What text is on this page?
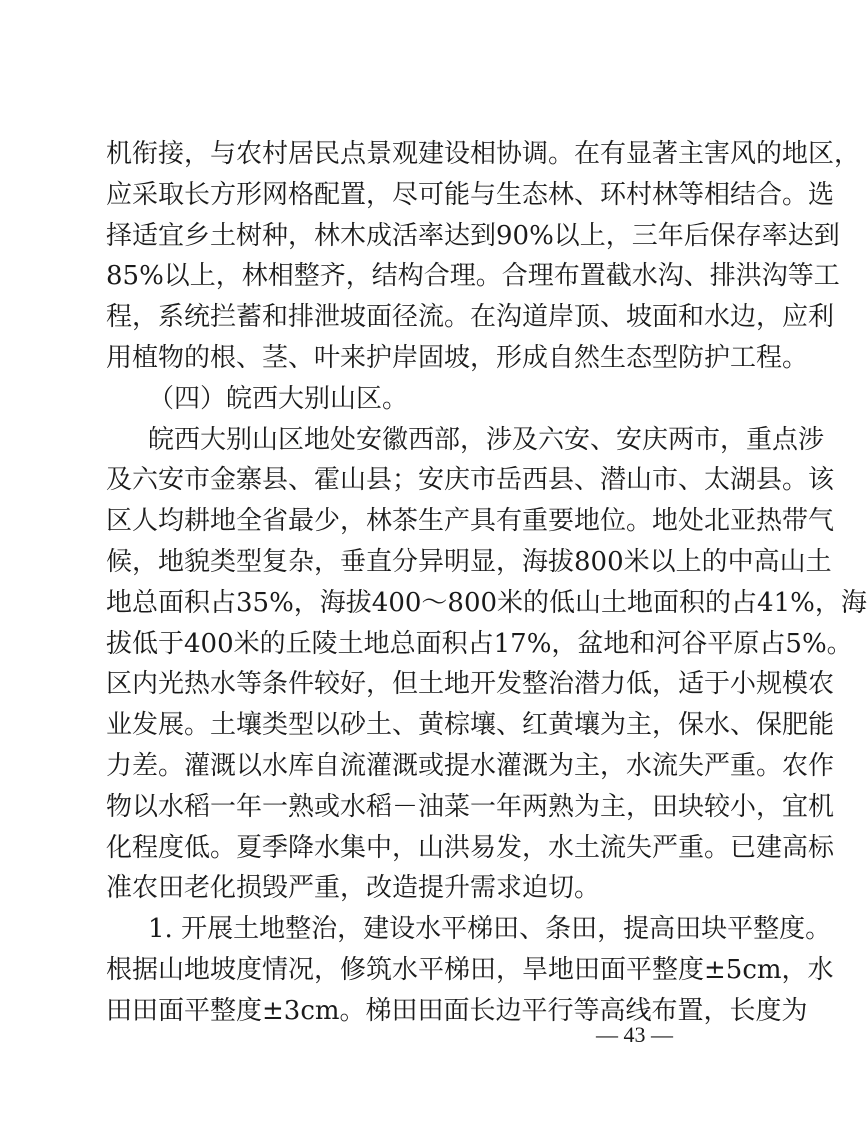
机衔接，与农村居民点景观建设相协调。在有显著主害风的地区，
应采取长方形网格配置，尽可能与生态林、环村林等相结合。选
择适宜乡土树种，林木成活率达到90%以上，三年后保存率达到
85%以上，林相整齐，结构合理。合理布置截水沟、排洪沟等工
程，系统拦蓄和排泄坡面径流。在沟道岸顶、坡面和水边，应利
用植物的根、茎、叶来护岸固坡，形成自然生态型防护工程。
（四）皖西大别山区。
皖西大别山区地处安徽西部，涉及六安、安庆两市，重点涉
及六安市金寨县、霍山县；安庆市岳西县、潜山市、太湖县。该
区人均耕地全省最少，林茶生产具有重要地位。地处北亚热带气
候，地貌类型复杂，垂直分异明显，海拔800米以上的中高山土
地总面积占35%，海拔400～800米的低山土地面积的占41%，海
拔低于400米的丘陵土地总面积占17%，盆地和河谷平原占5%。
区内光热水等条件较好，但土地开发整治潜力低，适于小规模农
业发展。土壤类型以砂土、黄棕壤、红黄壤为主，保水、保肥能
力差。灌溉以水库自流灌溉或提水灌溉为主，水流失严重。农作
物以水稻一年一熟或水稻－油菜一年两熟为主，田块较小，宜机
化程度低。夏季降水集中，山洪易发，水土流失严重。已建高标
准农田老化损毁严重，改造提升需求迫切。
1. 开展土地整治，建设水平梯田、条田，提高田块平整度。
根据山地坡度情况，修筑水平梯田，旱地田面平整度±5cm，水
田田面平整度±3cm。梯田田面长边平行等高线布置，长度为
— 43 —
